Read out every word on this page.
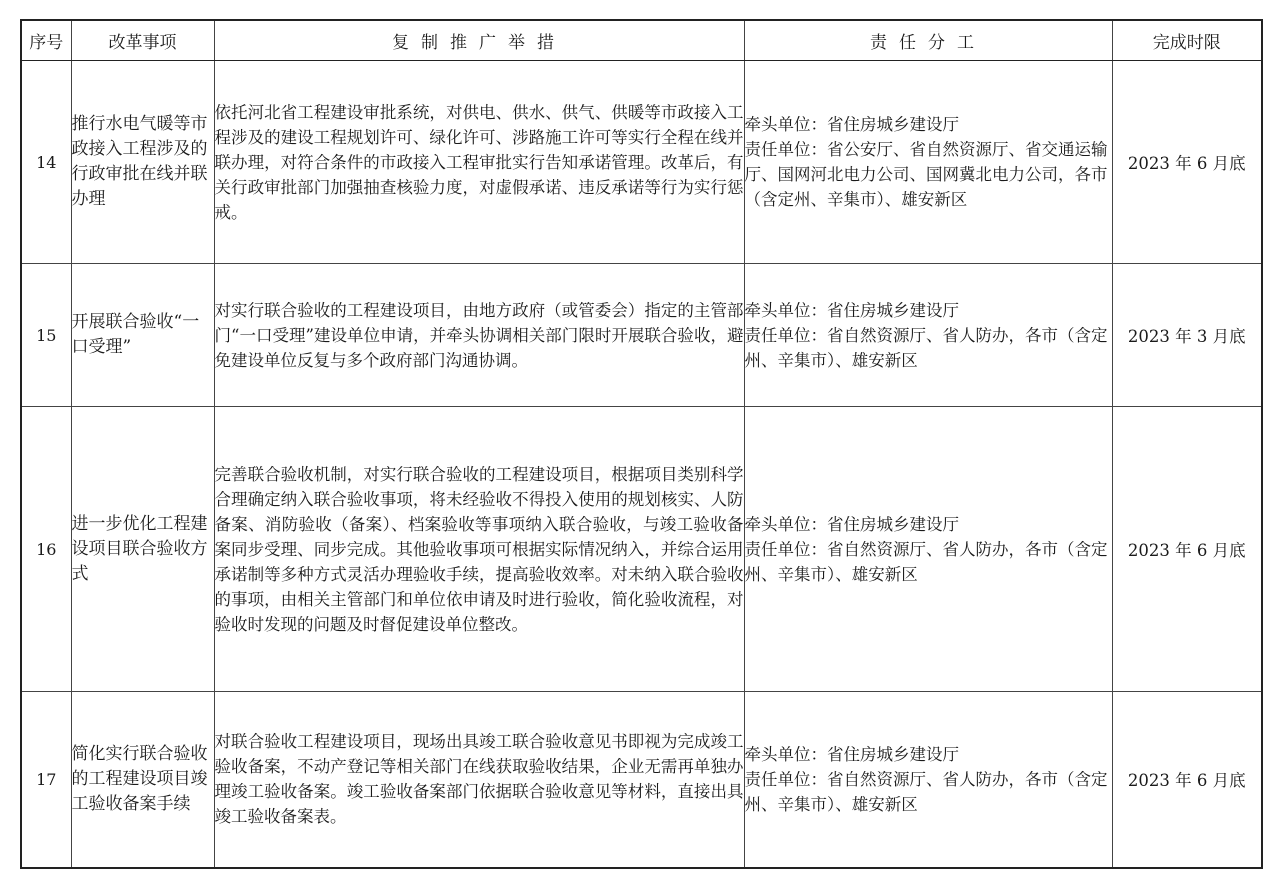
序号	改革事项	复制推广举措	责任分工	完成时限
14	推行水电气暖等市政接入工程涉及的行政审批在线并联办理	依托河北省工程建设审批系统，对供电、供水、供气、供暖等市政接入工程涉及的建设工程规划许可、绿化许可、涉路施工许可等实行全程在线并联办理，对符合条件的市政接入工程审批实行告知承诺管理。改革后，有关行政审批部门加强抽查核验力度，对虚假承诺、违反承诺等行为实行惩戒。	牵头单位：省住房城乡建设厅
责任单位：省公安厅、省自然资源厅、省交通运输厅、国网河北电力公司、国网冀北电力公司，各市（含定州、辛集市）、雄安新区	2023 年 6 月底
15	开展联合验收“一口受理”	对实行联合验收的工程建设项目，由地方政府（或管委会）指定的主管部门“一口受理”建设单位申请，并牵头协调相关部门限时开展联合验收，避免建设单位反复与多个政府部门沟通协调。	牵头单位：省住房城乡建设厅
责任单位：省自然资源厅、省人防办，各市（含定州、辛集市）、雄安新区	2023 年 3 月底
16	进一步优化工程建设项目联合验收方式	完善联合验收机制，对实行联合验收的工程建设项目，根据项目类别科学合理确定纳入联合验收事项，将未经验收不得投入使用的规划核实、人防备案、消防验收（备案）、档案验收等事项纳入联合验收，与竣工验收备案同步受理、同步完成。其他验收事项可根据实际情况纳入，并综合运用承诺制等多种方式灵活办理验收手续，提高验收效率。对未纳入联合验收的事项，由相关主管部门和单位依申请及时进行验收，简化验收流程，对验收时发现的问题及时督促建设单位整改。	牵头单位：省住房城乡建设厅
责任单位：省自然资源厅、省人防办，各市（含定州、辛集市）、雄安新区	2023 年 6 月底
17	简化实行联合验收的工程建设项目竣工验收备案手续	对联合验收工程建设项目，现场出具竣工联合验收意见书即视为完成竣工验收备案，不动产登记等相关部门在线获取验收结果，企业无需再单独办理竣工验收备案。竣工验收备案部门依据联合验收意见等材料，直接出具竣工验收备案表。	牵头单位：省住房城乡建设厅
责任单位：省自然资源厅、省人防办，各市（含定州、辛集市）、雄安新区	2023 年 6 月底
